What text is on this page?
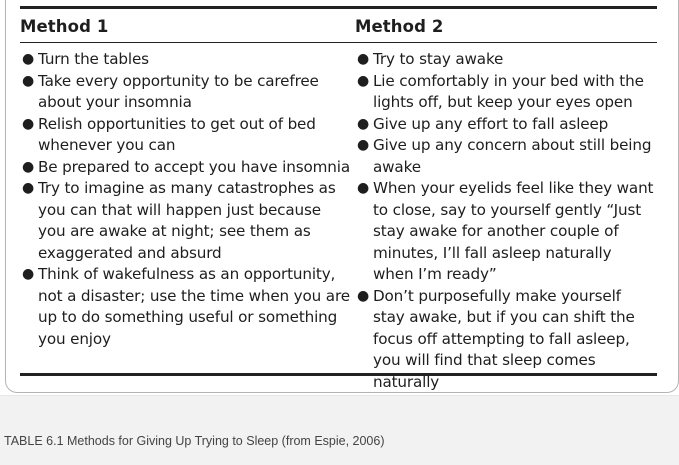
Method 1
● Turn the tables
● Take every opportunity to be carefree about your insomnia
● Relish opportunities to get out of bed whenever you can
● Be prepared to accept you have insomnia
● Try to imagine as many catastrophes as you can that will happen just because you are awake at night; see them as exaggerated and absurd
● Think of wakefulness as an opportunity, not a disaster; use the time when you are up to do something useful or something you enjoy
Method 2
● Try to stay awake
● Lie comfortably in your bed with the lights off, but keep your eyes open
● Give up any effort to fall asleep
● Give up any concern about still being awake
● When your eyelids feel like they want to close, say to yourself gently “Just stay awake for another couple of minutes, I’ll fall asleep naturally when I’m ready”
● Don’t purposefully make yourself stay awake, but if you can shift the focus off attempting to fall asleep, you will find that sleep comes naturally
TABLE 6.1 Methods for Giving Up Trying to Sleep (from Espie, 2006)
